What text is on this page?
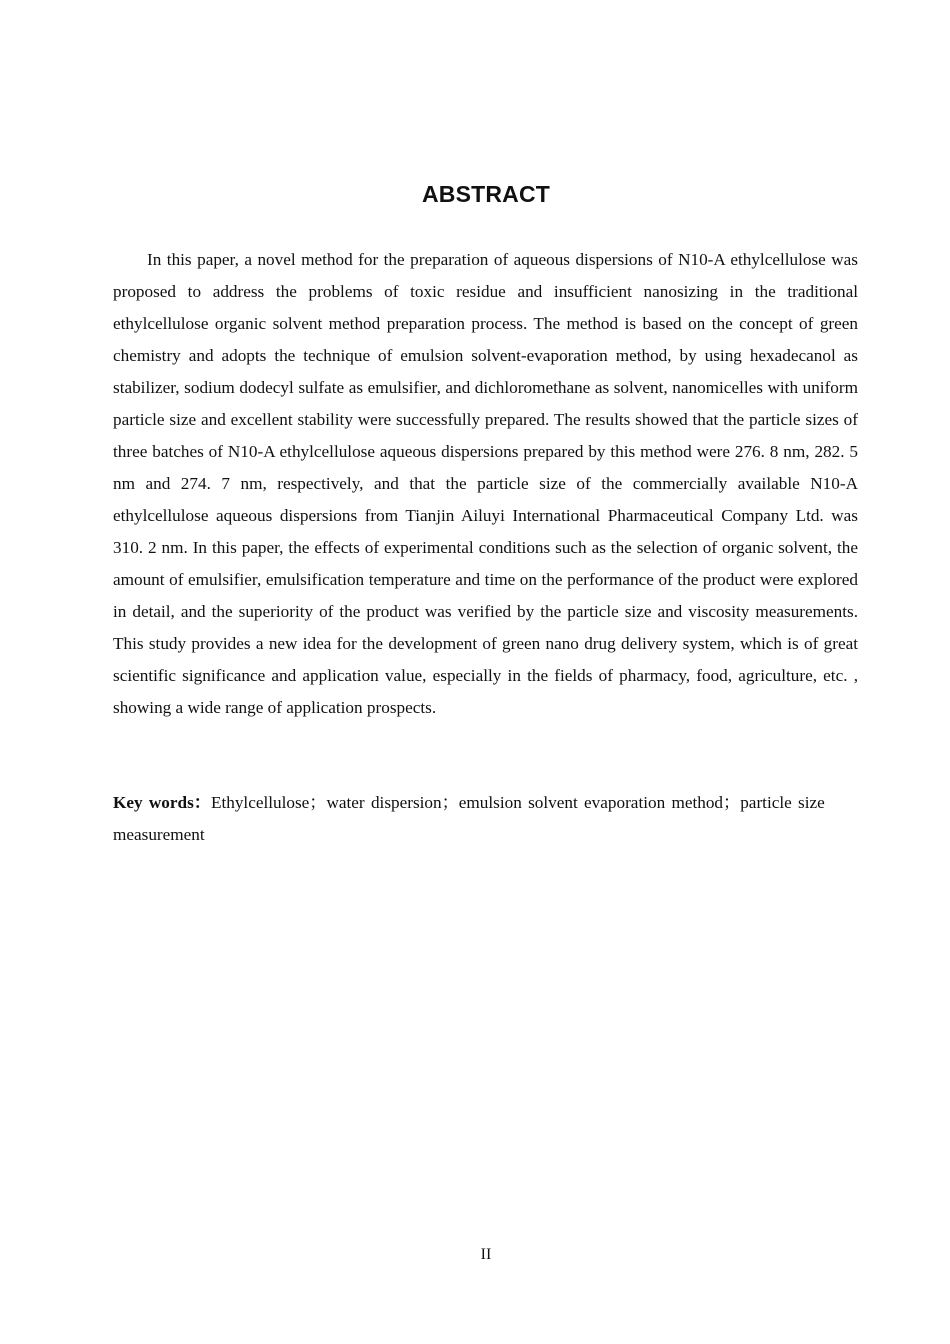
ABSTRACT

In this paper, a novel method for the preparation of aqueous dispersions of N10-A ethylcellulose was proposed to address the problems of toxic residue and insufficient nanosizing in the traditional ethylcellulose organic solvent method preparation process. The method is based on the concept of green chemistry and adopts the technique of emulsion solvent-evaporation method, by using hexadecanol as stabilizer, sodium dodecyl sulfate as emulsifier, and dichloromethane as solvent, nanomicelles with uniform particle size and excellent stability were successfully prepared. The results showed that the particle sizes of three batches of N10-A ethylcellulose aqueous dispersions prepared by this method were 276. 8 nm, 282. 5 nm and 274. 7 nm, respectively, and that the particle size of the commercially available N10-A ethylcellulose aqueous dispersions from Tianjin Ailuyi International Pharmaceutical Company Ltd. was 310. 2 nm. In this paper, the effects of experimental conditions such as the selection of organic solvent, the amount of emulsifier, emulsification temperature and time on the performance of the product were explored in detail, and the superiority of the product was verified by the particle size and viscosity measurements. This study provides a new idea for the development of green nano drug delivery system, which is of great scientific significance and application value, especially in the fields of pharmacy, food, agriculture, etc. , showing a wide range of application prospects.

Key words：Ethylcellulose；water dispersion；emulsion solvent evaporation method；particle size measurement

II
